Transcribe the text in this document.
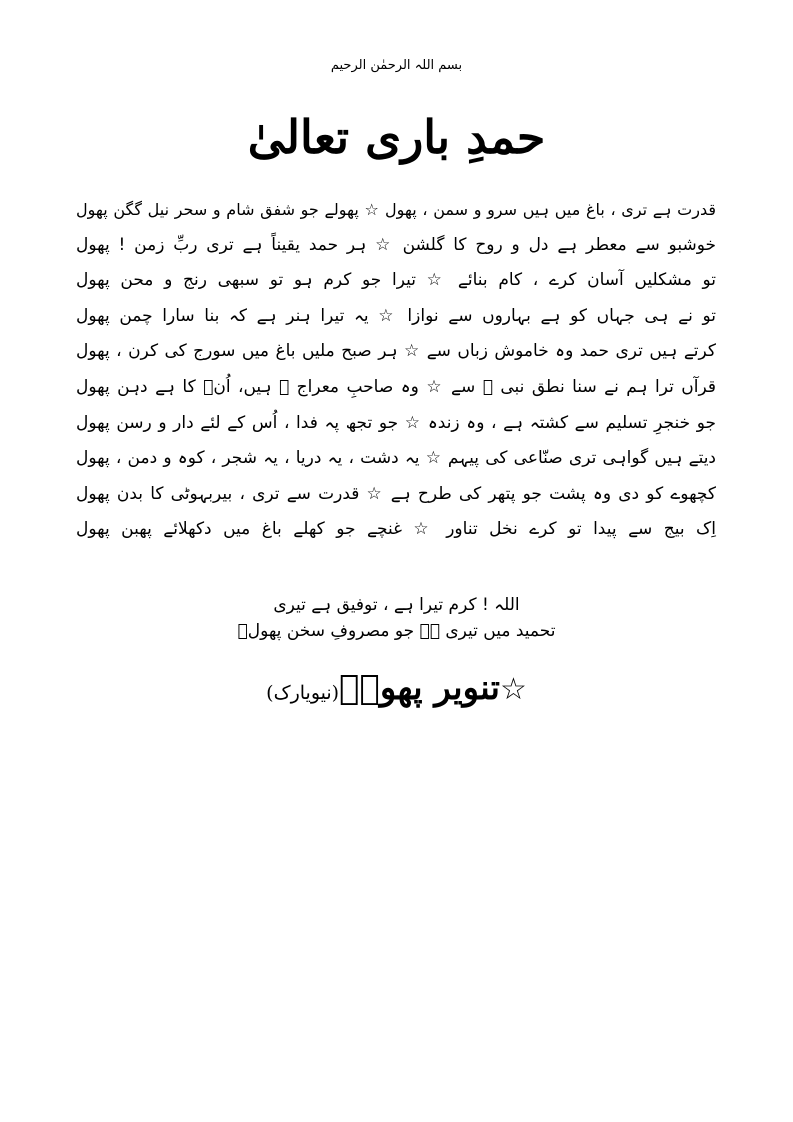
بسم اللہ الرحمٰن الرحیم
حمدِ باری تعالیٰ
قدرت ہے تری ، باغ میں ہیں سرو و سمن ، پھول ☆ پھولے جو شفق شام و سحر نیل گگن پھول
خوشبو سے معطر ہے دل و روح کا گلشن ☆ ہر حمد یقیناً ہے تری ربِّ زمن ! پھول
تو مشکلیں آسان کرے ، کام بنائے ☆ تیرا جو کرم ہو تو سبھی رنج و محن پھول
تو نے ہی جہاں کو ہے بہاروں سے نوازا ☆ یہ تیرا ہنر ہے کہ بنا سارا چمن پھول
کرتے ہیں تری حمد وہ خاموش زباں سے ☆ ہر صبح ملیں باغ میں سورج کی کرن ، پھول
قرآں ترا ہم نے سنا نطق نبی ﷺ سے ☆ وہ صاحبِ معراج ﷺ ہیں، اُنؐ کا ہے دہن پھول
جو خنجرِ تسلیم سے کشتہ ہے ، وہ زندہ ☆ جو تجھ پہ فدا ، اُس کے لئے دار و رسن پھول
دیتے ہیں گواہی تری صنّاعی کی پیہم ☆ یہ دشت ، یہ دریا ، یہ شجر ، کوہ و دمن ، پھول
کچھوے کو دی وہ پشت جو پتھر کی طرح ہے ☆ قدرت سے تری ، بیربہوٹی کا بدن پھول
اِک بیج سے پیدا تو کرے نخل تناور ☆ غنچے جو کھلے باغ میں دکھلائے پھبن پھول
اللہ ! کرم تیرا ہے ، توفیق ہے تیری
تحمید میں تیری ہے جو مصروفِ سخن پھولؔ
☆تنویر پھولؔ(نیویارک)
